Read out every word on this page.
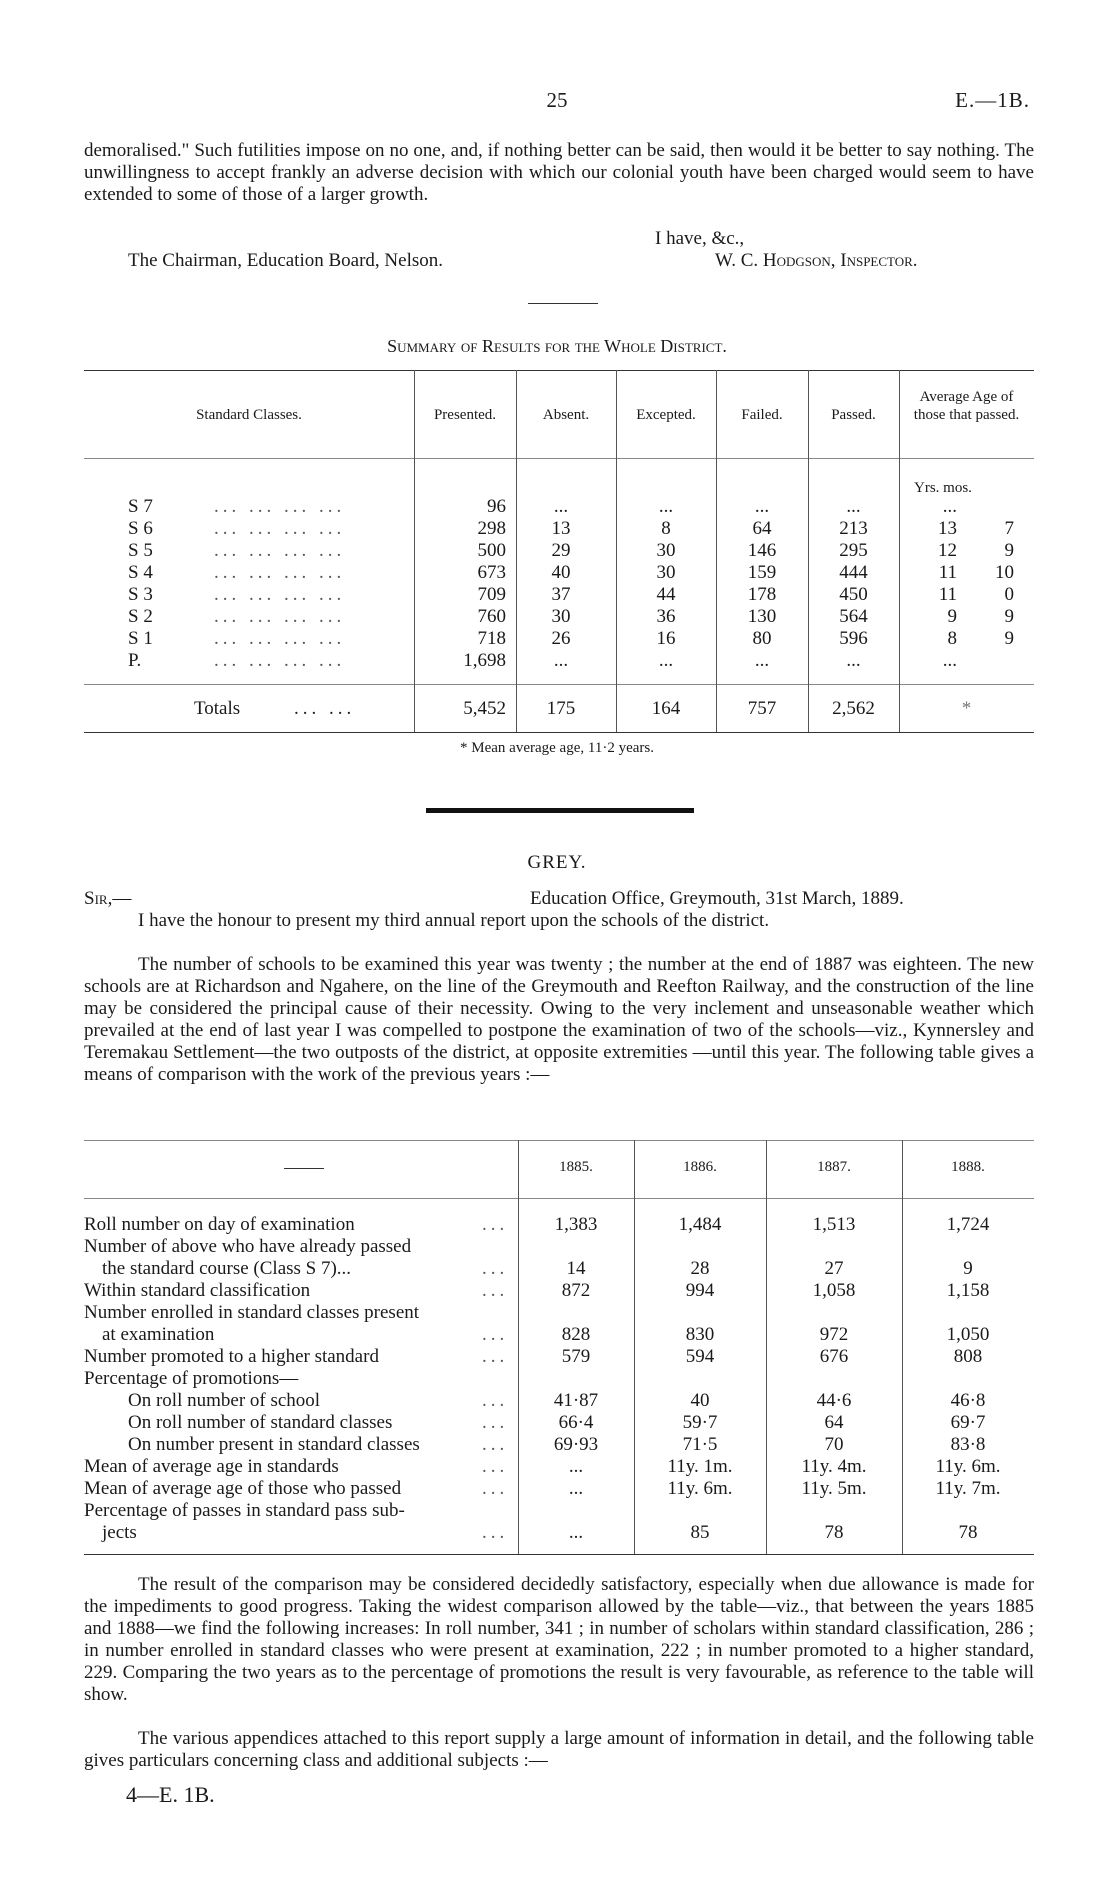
25	E.—1B.

demoralised." Such futilities impose on no one, and, if nothing better can be said, then would it be better to say nothing. The unwillingness to accept frankly an adverse decision with which our colonial youth have been charged would seem to have extended to some of those of a larger growth.

I have, &c.,
The Chairman, Education Board, Nelson.	W. C. Hodgson, Inspector.
Summary of Results for the Whole District.
Standard Classes.	Presented.	Absent.	Excepted.	Failed.	Passed.
Average Age of those that passed.
Yrs. mos.
S 7	... ... ... ...	96	...	...	...	...	...
S 6	... ... ... ...	298	13	8	64	213	13	7
S 5	... ... ... ...	500	29	30	146	295	12	9
S 4	... ... ... ...	673	40	30	159	444	11	10
S 3	... ... ... ...	709	37	44	178	450	11	0
S 2	... ... ... ...	760	30	36	130	564	9	9
S 1	... ... ... ...	718	26	16	80	596	8	9
P.	... ... ... ...	1,698	...	...	...	...	...
Totals	... ...	5,452	175	164	757	2,562	*
* Mean average age, 11·2 years.
GREY.
Sir,—	Education Office, Greymouth, 31st March, 1889.

I have the honour to present my third annual report upon the schools of the district.

The number of schools to be examined this year was twenty ; the number at the end of 1887 was eighteen. The new schools are at Richardson and Ngahere, on the line of the Greymouth and Reefton Railway, and the construction of the line may be considered the principal cause of their necessity. Owing to the very inclement and unseasonable weather which prevailed at the end of last year I was compelled to postpone the examination of two of the schools—viz., Kynnersley and Teremakau Settlement—the two outposts of the district, at opposite extremities —until this year. The following table gives a means of comparison with the work of the previous years :—

1885.	1886.	1887.	1888.
Roll number on day of examination	...	1,383	1,484	1,513	1,724
Number of above who have already passed
the standard course (Class S 7)...	...	14	28	27	9
Within standard classification	...	872	994	1,058	1,158
Number enrolled in standard classes present
at examination	...	828	830	972	1,050
Number promoted to a higher standard	...	579	594	676	808
Percentage of promotions—
On roll number of school	...	41·87	40	44·6	46·8
On roll number of standard classes	...	66·4	59·7	64	69·7
On number present in standard classes	...	69·93	71·5	70	83·8
Mean of average age in standards	...	...	11y. 1m.	11y. 4m.	11y. 6m.
Mean of average age of those who passed	...	...	11y. 6m.	11y. 5m.	11y. 7m.
Percentage of passes in standard pass sub-
jects	...	...	85	78	78

The result of the comparison may be considered decidedly satisfactory, especially when due allowance is made for the impediments to good progress. Taking the widest comparison allowed by the table—viz., that between the years 1885 and 1888—we find the following increases: In roll number, 341 ; in number of scholars within standard classification, 286 ; in number enrolled in standard classes who were present at examination, 222 ; in number promoted to a higher standard, 229. Comparing the two years as to the percentage of promotions the result is very favourable, as reference to the table will show.

The various appendices attached to this report supply a large amount of information in detail, and the following table gives particulars concerning class and additional subjects :—

4—E. 1B.
